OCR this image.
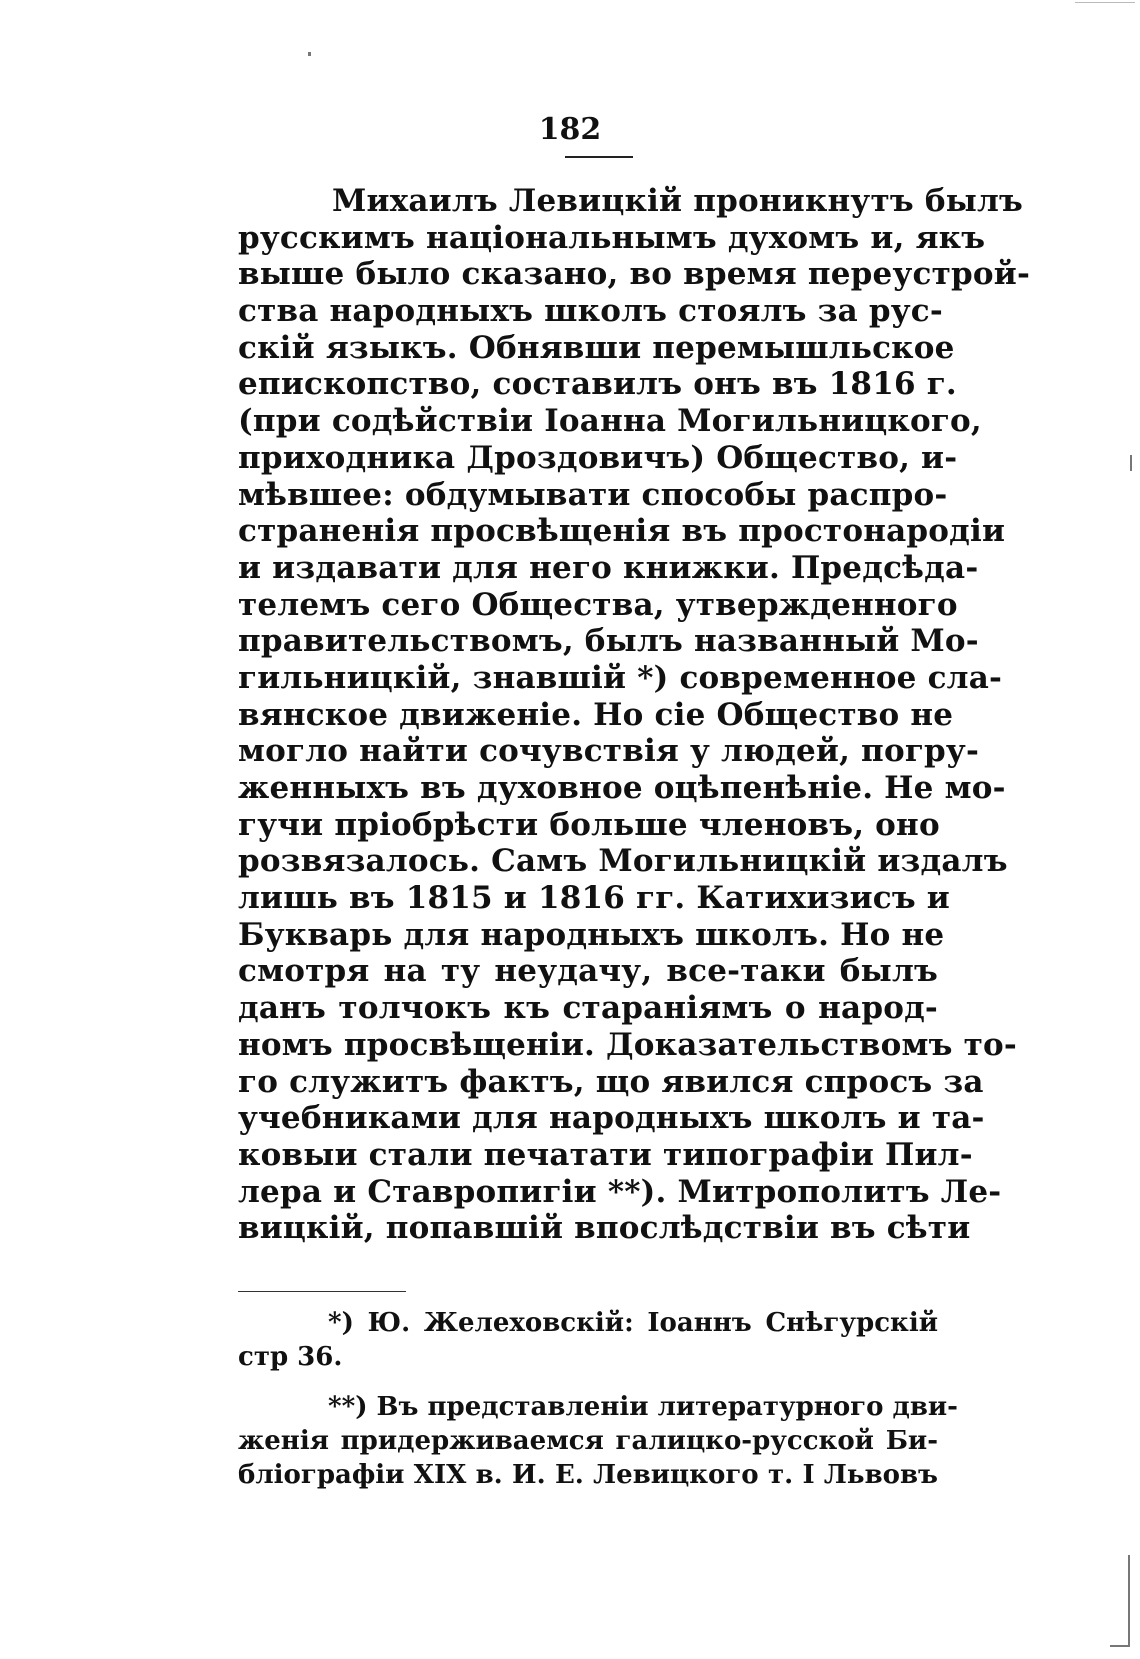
182
Михаилъ Левицкій проникнутъ былъ
русскимъ національнымъ духомъ и, якъ
выше было сказано, во время переустрой-
ства народныхъ школъ стоялъ за рус-
скій языкъ. Обнявши перемышльское
епископство, составилъ онъ въ 1816 г.
(при содѣйствіи Іоанна Могильницкого,
приходника Дроздовичъ) Общество, и-
мѣвшее: обдумывати способы распро-
страненія просвѣщенія въ простонародіи
и издавати для него книжки. Предсѣда-
телемъ сего Общества, утвержденного
правительствомъ, былъ названный Мо-
гильницкій, знавшій *) современное сла-
вянское движеніе. Но сіе Общество не
могло найти сочувствія у людей, погру-
женныхъ въ духовное оцѣпенѣніе. Не мо-
гучи пріобрѣсти больше членовъ, оно
розвязалось. Самъ Могильницкій издалъ
лишь въ 1815 и 1816 гг. Катихизисъ и
Букварь для народныхъ школъ. Но не
смотря на ту неудачу, все-таки былъ
данъ толчокъ къ стараніямъ о народ-
номъ просвѣщеніи. Доказательствомъ то-
го служитъ фактъ, що явился спросъ за
учебниками для народныхъ школъ и та-
ковыи стали печатати типографіи Пил-
лера и Ставропигіи **). Митрополитъ Ле-
вицкій, попавшій впослѣдствіи въ сѣти
*) Ю. Желеховскій: Іоаннъ Снѣгурскій
стр 36.
**) Въ представленіи литературного дви-
женія придерживаемся галицко-русской Би-
бліографіи XIX в. И. Е. Левицкого т. I Львовъ
